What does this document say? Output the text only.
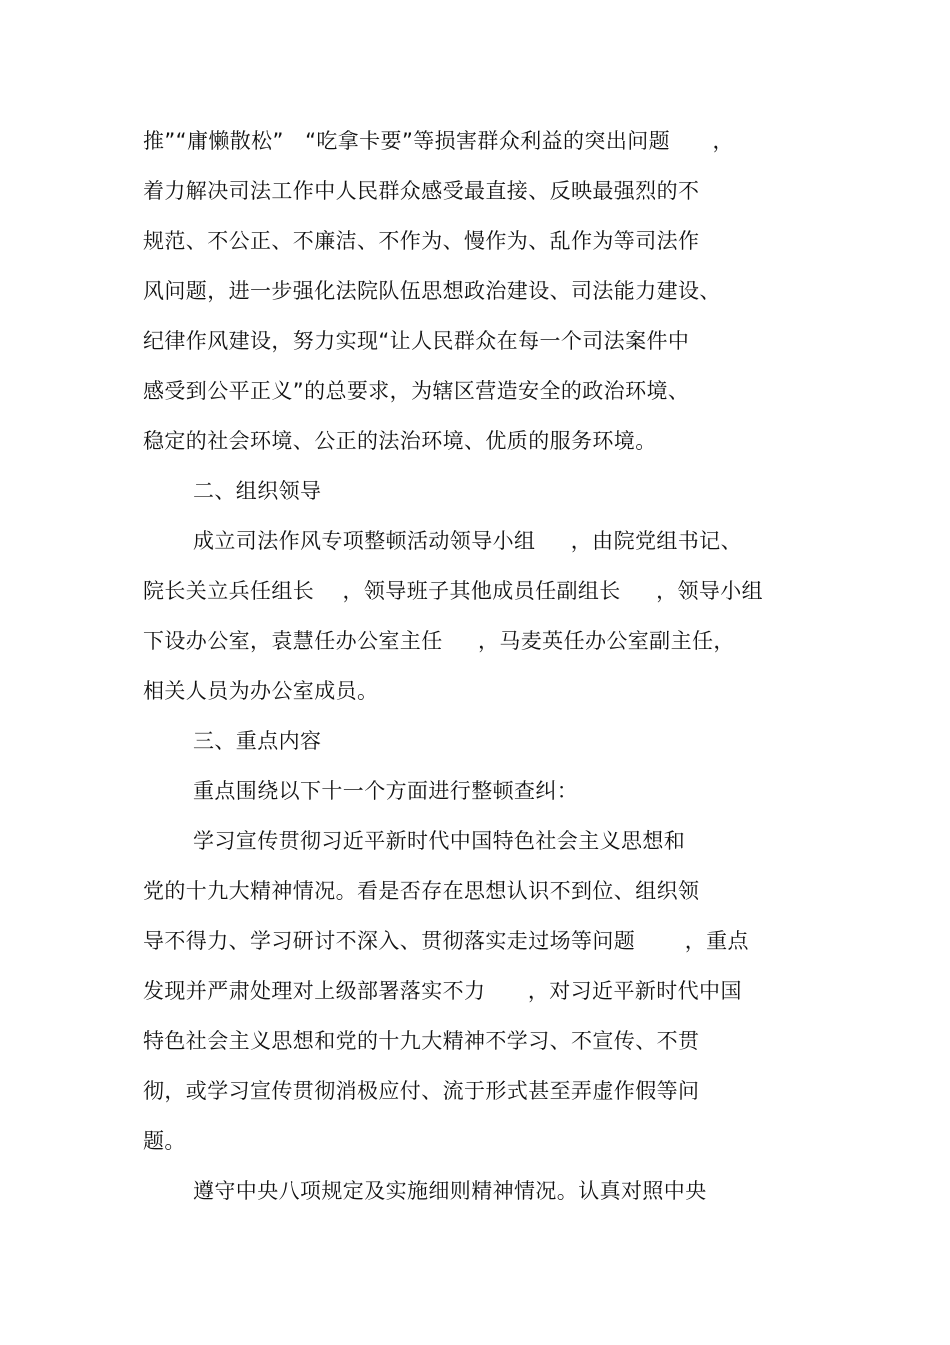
推”“庸懒散松”   “吃拿卡要”等损害群众利益的突出问题      ，
着力解决司法工作中人民群众感受最直接、反映最强烈的不
规范、不公正、不廉洁、不作为、慢作为、乱作为等司法作
风问题，进一步强化法院队伍思想政治建设、司法能力建设、
纪律作风建设，努力实现“让人民群众在每一个司法案件中
感受到公平正义”的总要求，为辖区营造安全的政治环境、
稳定的社会环境、公正的法治环境、优质的服务环境。
二、组织领导
成立司法作风专项整顿活动领导小组     ，由院党组书记、
院长关立兵任组长    ，领导班子其他成员任副组长     ，领导小组
下设办公室，袁慧任办公室主任     ，马麦英任办公室副主任，
相关人员为办公室成员。
三、重点内容
重点围绕以下十一个方面进行整顿查纠：
学习宣传贯彻习近平新时代中国特色社会主义思想和
党的十九大精神情况。看是否存在思想认识不到位、组织领
导不得力、学习研讨不深入、贯彻落实走过场等问题       ，重点
发现并严肃处理对上级部署落实不力      ，对习近平新时代中国
特色社会主义思想和党的十九大精神不学习、不宣传、不贯
彻，或学习宣传贯彻消极应付、流于形式甚至弄虚作假等问
题。
遵守中央八项规定及实施细则精神情况。认真对照中央
